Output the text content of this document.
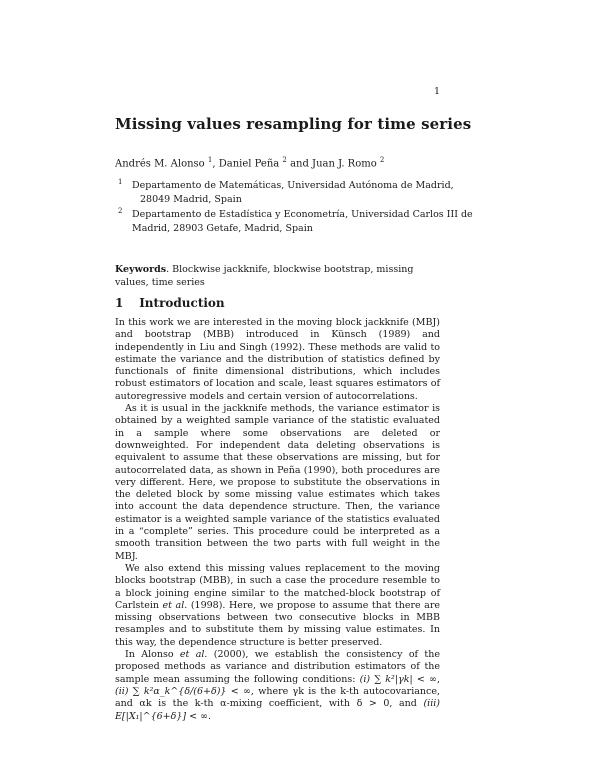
1
Missing values resampling for time series
Andrés M. Alonso $^1$, Daniel Peña $^2$ and Juan J. Romo $^2$
1	Departamento de Matemáticas, Universidad Autónoma de Madrid,
28049 Madrid, Spain
2	Departamento de Estadística y Econometría, Universidad Carlos III de
Madrid, 28903 Getafe, Madrid, Spain
Keywords. Blockwise jackknife, blockwise bootstrap, missing values, time series
1 Introduction

In this work we are interested in the moving block jackknife (MBJ) and bootstrap (MBB) introduced in Künsch (1989) and independently in Liu and Singh (1992). These methods are valid to estimate the variance and the distribution of statistics defined by functionals of finite dimensional distributions, which includes robust estimators of location and scale, least squares estimators of autoregressive models and certain version of autocorrelations.

As it is usual in the jackknife methods, the variance estimator is obtained by a weighted sample variance of the statistic evaluated in a sample where some observations are deleted or downweighted. For independent data deleting observations is equivalent to assume that these observations are missing, but for autocorrelated data, as shown in Peña (1990), both procedures are very different. Here, we propose to substitute the observations in the deleted block by some missing value estimates which takes into account the data dependence structure. Then, the variance estimator is a weighted sample variance of the statistics evaluated in a “complete” series. This procedure could be interpreted as a smooth transition between the two parts with full weight in the MBJ.

We also extend this missing values replacement to the moving blocks bootstrap (MBB), in such a case the procedure resemble to a block joining engine similar to the matched-block bootstrap of Carlstein et al. (1998). Here, we propose to assume that there are missing observations between two consecutive blocks in MBB resamples and to substitute them by missing value estimates. In this way, the dependence structure is better preserved.

In Alonso et al. (2000), we establish the consistency of the proposed methods as variance and distribution estimators of the sample mean assuming the following conditions: (i) ∑ k²|γk| < ∞, (ii) ∑ k²α_k^{δ/(6+δ)} < ∞, where γk is the k-th autocovariance, and αk is the k-th α-mixing coefficient, with δ > 0, and (iii) E[|X₁|^{6+δ}] < ∞.
